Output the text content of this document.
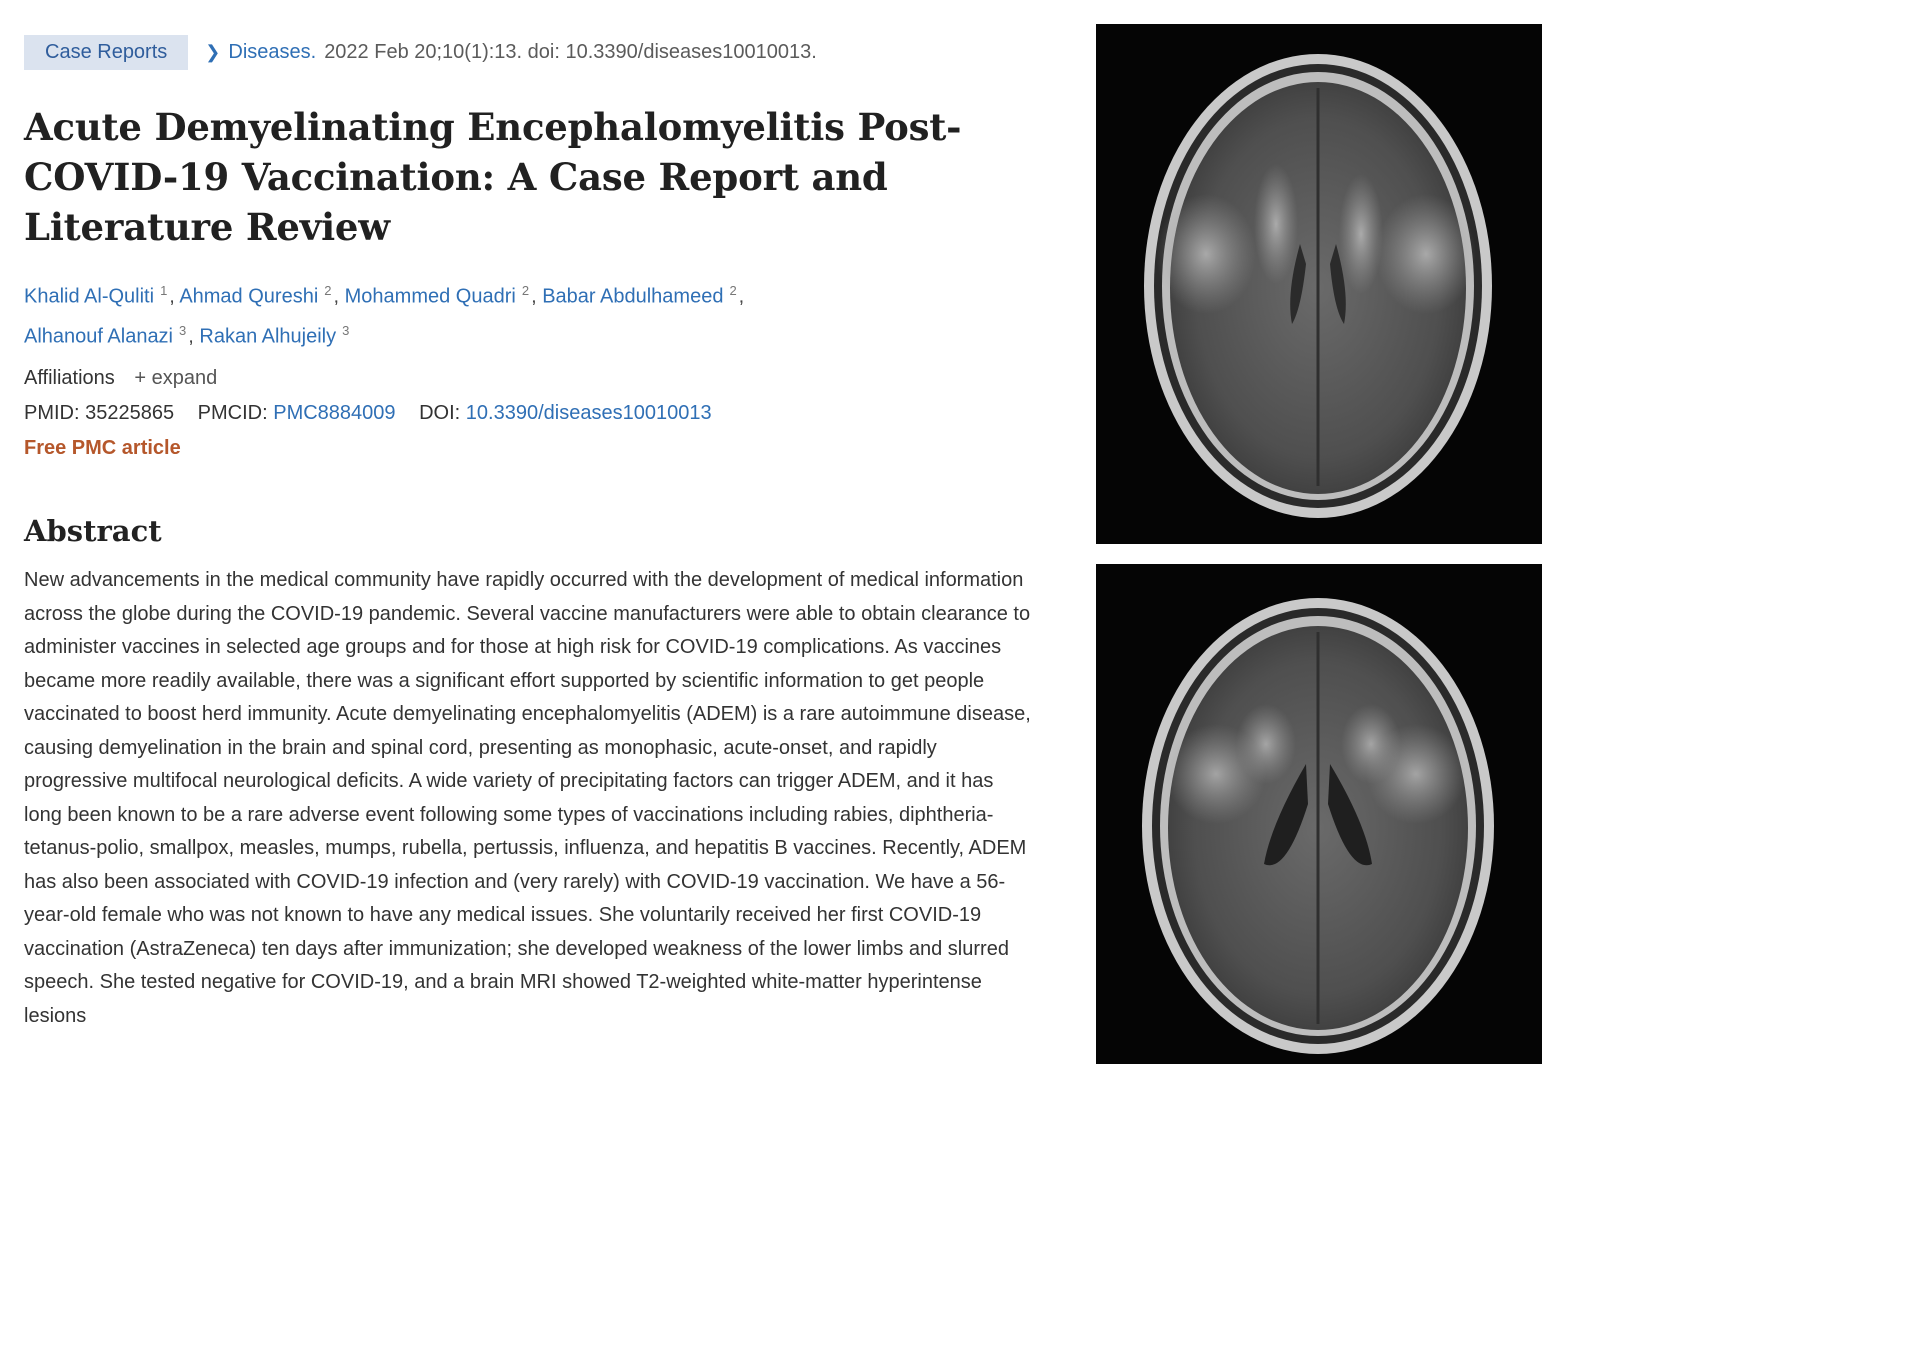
Case Reports	❯ Diseases. 2022 Feb 20;10(1):13. doi: 10.3390/diseases10010013.
Acute Demyelinating Encephalomyelitis Post-COVID-19 Vaccination: A Case Report and Literature Review
Khalid Al-Quliti $^1$ , Ahmad Qureshi $^2$ , Mohammed Quadri $^2$ , Babar Abdulhameed $^2$ ,
Alhanouf Alanazi $^3$ , Rakan Alhujeily $^3$
Affiliations + expand
PMID: 35225865 PMCID: PMC8884009 DOI: 10.3390/diseases10010013
Free PMC article
Abstract
New advancements in the medical community have rapidly occurred with the development of medical information across the globe during the COVID-19 pandemic. Several vaccine manufacturers were able to obtain clearance to administer vaccines in selected age groups and for those at high risk for COVID-19 complications. As vaccines became more readily available, there was a significant effort supported by scientific information to get people vaccinated to boost herd immunity. Acute demyelinating encephalomyelitis (ADEM) is a rare autoimmune disease, causing demyelination in the brain and spinal cord, presenting as monophasic, acute-onset, and rapidly progressive multifocal neurological deficits. A wide variety of precipitating factors can trigger ADEM, and it has long been known to be a rare adverse event following some types of vaccinations including rabies, diphtheria-tetanus-polio, smallpox, measles, mumps, rubella, pertussis, influenza, and hepatitis B vaccines. Recently, ADEM has also been associated with COVID-19 infection and (very rarely) with COVID-19 vaccination. We have a 56-year-old female who was not known to have any medical issues. She voluntarily received her first COVID-19 vaccination (AstraZeneca) ten days after immunization; she developed weakness of the lower limbs and slurred speech. She tested negative for COVID-19, and a brain MRI showed T2-weighted white-matter hyperintense lesions
